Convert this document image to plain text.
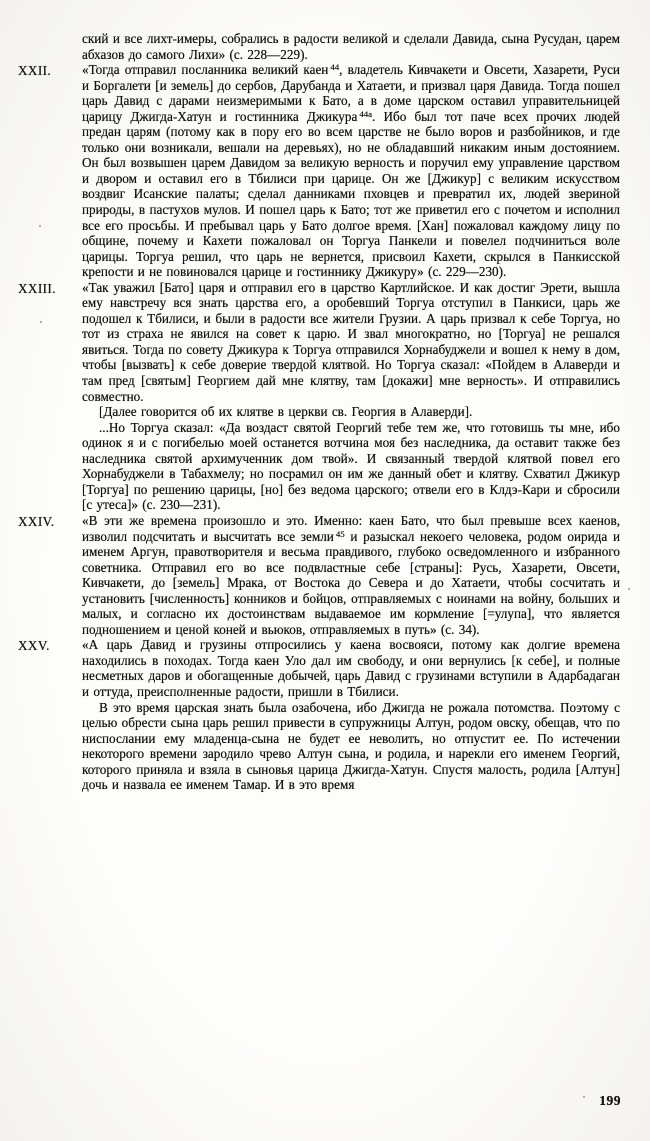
ский и все лихт-имеры, собрались в радости великой и сделали Давида, сына Русудан, царем абхазов до самого Лихи» (с. 228—229).

XXII.	«Тогда отправил посланника великий каен $^{44}$, владетель Кивчакети и Овсети, Хазарети, Руси и Боргалети [и земель] до сербов, Дарубанда и Хатаети, и призвал царя Давида. Тогда пошел царь Давид с дарами неизмеримыми к Бато, а в доме царском оставил управительницей царицу Джигда-Хатун и гостинника Джикура $^{44а}$. Ибо был тот паче всех прочих людей предан царям (потому как в пору его во всем царстве не было воров и разбойников, и где только они возникали, вешали на деревьях), но не обладавший никаким иным достоянием. Он был возвышен царем Давидом за великую верность и поручил ему управление царством и двором и оставил его в Тбилиси при царице. Он же [Джикур] с великим искусством воздвиг Исанские палаты; сделал данниками пховцев и превратил их, людей звериной природы, в пастухов мулов. И пошел царь к Бато; тот же приветил его с почетом и исполнил все его просьбы. И пребывал царь у Бато долгое время. [Хан] пожаловал каждому лицу по общине, почему и Кахети пожаловал он Торгуа Панкели и повелел подчиниться воле царицы. Торгуа решил, что царь не вернется, присвоил Кахети, скрылся в Панкисской крепости и не повиновался царице и гостиннику Джикуру» (с. 229—230).

XXIII.	«Так уважил [Бато] царя и отправил его в царство Картлийское. И как достиг Эрети, вышла ему навстречу вся знать царства его, а оробевший Торгуа отступил в Панкиси, царь же подошел к Тбилиси, и были в радости все жители Грузии. А царь призвал к себе Торгуа, но тот из страха не явился на совет к царю. И звал многократно, но [Торгуа] не решался явиться. Тогда по совету Джикура к Торгуа отправился Хорнабуджели и вошел к нему в дом, чтобы [вызвать] к себе доверие твердой клятвой. Но Торгуа сказал: «Пойдем в Алаверди и там пред [святым] Георгием дай мне клятву, там [докажи] мне верность». И отправились совместно.

[Далее говорится об их клятве в церкви св. Георгия в Алаверди].

...Но Торгуа сказал: «Да воздаст святой Георгий тебе тем же, что готовишь ты мне, ибо одинок я и с погибелью моей останется вотчина моя без наследника, да оставит также без наследника святой архимученник дом твой». И связанный твердой клятвой повел его Хорнабуджели в Табахмелу; но посрамил он им же данный обет и клятву. Схватил Джикур [Торгуа] по решению царицы, [но] без ведома царского; отвели его в Клдэ-Кари и сбросили [с утеса]» (с. 230—231).

XXIV.	«В эти же времена произошло и это. Именно: каен Бато, что был превыше всех каенов, изволил подсчитать и высчитать все земли $^{45}$ и разыскал некоего человека, родом оирида и именем Аргун, правотворителя и весьма правдивого, глубоко осведомленного и избранного советника. Отправил его во все подвластные себе [страны]: Русь, Хазарети, Овсети, Кивчакети, до [земель] Мрака, от Востока до Севера и до Хатаети, чтобы сосчитать и установить [численность] конников и бойцов, отправляемых с ноинами на войну, больших и малых, и согласно их достоинствам выдаваемое им кормление [=улупа], что является подношением и ценой коней и вьюков, отправляемых в путь» (с. 34).

XXV.	«А царь Давид и грузины отпросились у каена восвояси, потому как долгие времена находились в походах. Тогда каен Уло дал им свободу, и они вернулись [к себе], и полные несметных даров и обогащенные добычей, царь Давид с грузинами вступили в Адарбадаган и оттуда, преисполненные радости, пришли в Тбилиси.

В это время царская знать была озабочена, ибо Джигда не рожала потомства. Поэтому с целью обрести сына царь решил привести в супружницы Алтун, родом овску, обещав, что по ниспослании ему младенца-сына не будет ее неволить, но отпустит ее. По истечении некоторого времени зародило чрево Алтун сына, и родила, и нарекли его именем Георгий, которого приняла и взяла в сыновья царица Джигда-Хатун. Спустя малость, родила [Алтун] дочь и назвала ее именем Тамар. И в это время

199
